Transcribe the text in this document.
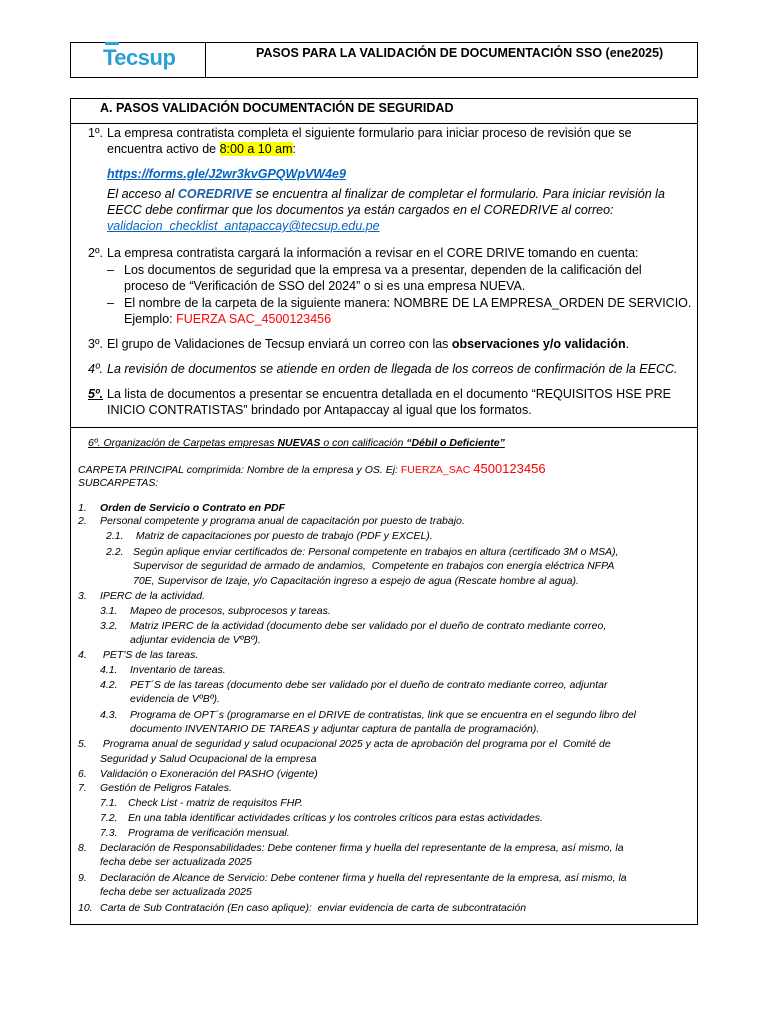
Tecsup	PASOS PARA LA VALIDACIÓN DE DOCUMENTACIÓN SSO (ene2025)
A. PASOS VALIDACIÓN DOCUMENTACIÓN DE SEGURIDAD
1º. La empresa contratista completa el siguiente formulario para iniciar proceso de revisión que se
encuentra activo de 8:00 a 10 am:
https://forms.gle/J2wr3kvGPQWpVW4e9
El acceso al COREDRIVE se encuentra al finalizar de completar el formulario. Para iniciar revisión la
EECC debe confirmar que los documentos ya están cargados en el COREDRIVE al correo:
validacion_checklist_antapaccay@tecsup.edu.pe
2º. La empresa contratista cargará la información a revisar en el CORE DRIVE tomando en cuenta:
– Los documentos de seguridad que la empresa va a presentar, dependen de la calificación del
proceso de “Verificación de SSO del 2024” o si es una empresa NUEVA.
– El nombre de la carpeta de la siguiente manera: NOMBRE DE LA EMPRESA_ORDEN DE SERVICIO.
Ejemplo: FUERZA SAC_4500123456
3º. El grupo de Validaciones de Tecsup enviará un correo con las observaciones y/o validación.
4º. La revisión de documentos se atiende en orden de llegada de los correos de confirmación de la EECC.
5º. La lista de documentos a presentar se encuentra detallada en el documento “REQUISITOS HSE PRE
INICIO CONTRATISTAS” brindado por Antapaccay al igual que los formatos.
6º. Organización de Carpetas empresas NUEVAS o con calificación “Débil o Deficiente”
CARPETA PRINCIPAL comprimida: Nombre de la empresa y OS. Ej: FUERZA_SAC 4500123456
SUBCARPETAS:
1. Orden de Servicio o Contrato en PDF
2. Personal competente y programa anual de capacitación por puesto de trabajo.
2.1. Matriz de capacitaciones por puesto de trabajo (PDF y EXCEL).
2.2. Según aplique enviar certificados de: Personal competente en trabajos en altura (certificado 3M o MSA),
Supervisor de seguridad de armado de andamios,  Competente en trabajos con energía eléctrica NFPA
70E, Supervisor de Izaje, y/o Capacitación ingreso a espejo de agua (Rescate hombre al agua).
3. IPERC de la actividad.
3.1. Mapeo de procesos, subprocesos y tareas.
3.2. Matriz IPERC de la actividad (documento debe ser validado por el dueño de contrato mediante correo,
adjuntar evidencia de VºBº).
4. PET'S de las tareas.
4.1. Inventario de tareas.
4.2. PET´S de las tareas (documento debe ser validado por el dueño de contrato mediante correo, adjuntar
evidencia de VºBº).
4.3. Programa de OPT´s (programarse en el DRIVE de contratistas, link que se encuentra en el segundo libro del
documento INVENTARIO DE TAREAS y adjuntar captura de pantalla de programación).
5. Programa anual de seguridad y salud ocupacional 2025 y acta de aprobación del programa por el  Comité de
Seguridad y Salud Ocupacional de la empresa
6. Validación o Exoneración del PASHO (vigente)
7. Gestión de Peligros Fatales.
7.1. Check List - matriz de requisitos FHP.
7.2. En una tabla identificar actividades críticas y los controles críticos para estas actividades.
7.3. Programa de verificación mensual.
8. Declaración de Responsabilidades: Debe contener firma y huella del representante de la empresa, así mismo, la
fecha debe ser actualizada 2025
9. Declaración de Alcance de Servicio: Debe contener firma y huella del representante de la empresa, así mismo, la
fecha debe ser actualizada 2025
10. Carta de Sub Contratación (En caso aplique):  enviar evidencia de carta de subcontratación
